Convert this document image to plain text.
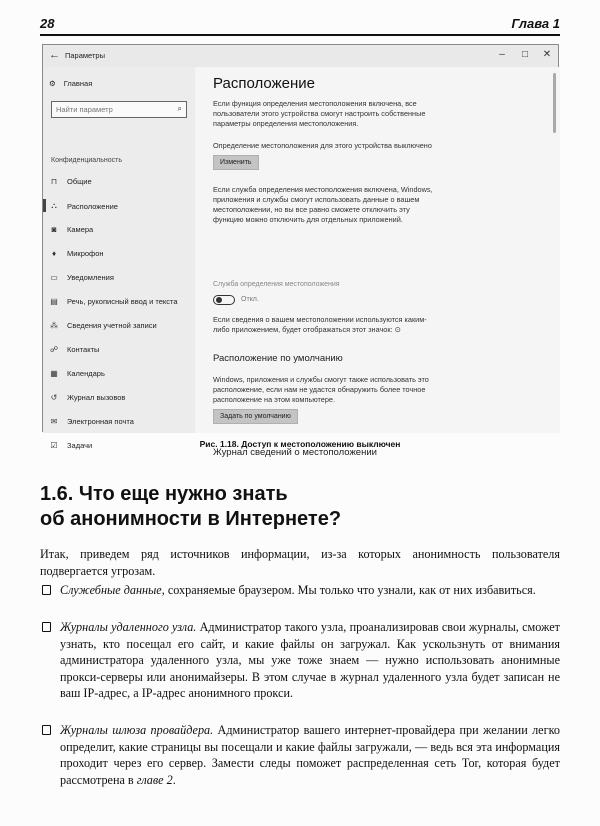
28	Глава 1
← Параметры	–	□	✕
⚙ Главная
Найти параметр
⌕
Конфиденциальность
⊓ Общие
⛬ Расположение
◙	Камера
♦	Микрофон
▭ Уведомления
▤ Речь, рукописный ввод и текста
⁂ Сведения учетной записи
☍ Контакты
▦ Календарь
↺ Журнал вызовов
✉ Электронная почта
☑ Задачи
Расположение
Если функция определения местоположения включена, все пользователи этого устройства смогут настроить собственные параметры определения местоположения.
Определение местоположения для этого устройства выключено
Изменить
Если служба определения местоположения включена, Windows, приложения и службы смогут использовать данные о вашем местоположении, но вы все равно сможете отключить эту функцию можно отключить для отдельных приложений.
Служба определения местоположения
Откл.
Если сведения о вашем местоположении используются каким-либо приложением, будет отображаться этот значок: ⊙
Расположение по умолчанию
Windows, приложения и службы смогут также использовать это расположение, если нам не удастся обнаружить более точное расположение на этом компьютере.
Задать по умолчанию
Журнал сведений о местоположении
Рис. 1.18. Доступ к местоположению выключен
1.6. Что еще нужно знать
об анонимности в Интернете?
Итак, приведем ряд источников информации, из-за которых анонимность пользователя подвергается угрозам.
Служебные данные, сохраняемые браузером. Мы только что узнали, как от них избавиться.
Журналы удаленного узла. Администратор такого узла, проанализировав свои журналы, сможет узнать, кто посещал его сайт, и какие файлы он загружал. Как ускользнуть от внимания администратора удаленного узла, мы уже тоже знаем — нужно использовать анонимные прокси-серверы или анонимайзеры. В этом случае в журнал удаленного узла будет записан не ваш IP-адрес, а IP-адрес анонимного прокси.
Журналы шлюза провайдера. Администратор вашего интернет-провайдера при желании легко определит, какие страницы вы посещали и какие файлы загружали, — ведь вся эта информация проходит через его сервер. Замести следы поможет распределенная сеть Tor, которая будет рассмотрена в главе 2.
